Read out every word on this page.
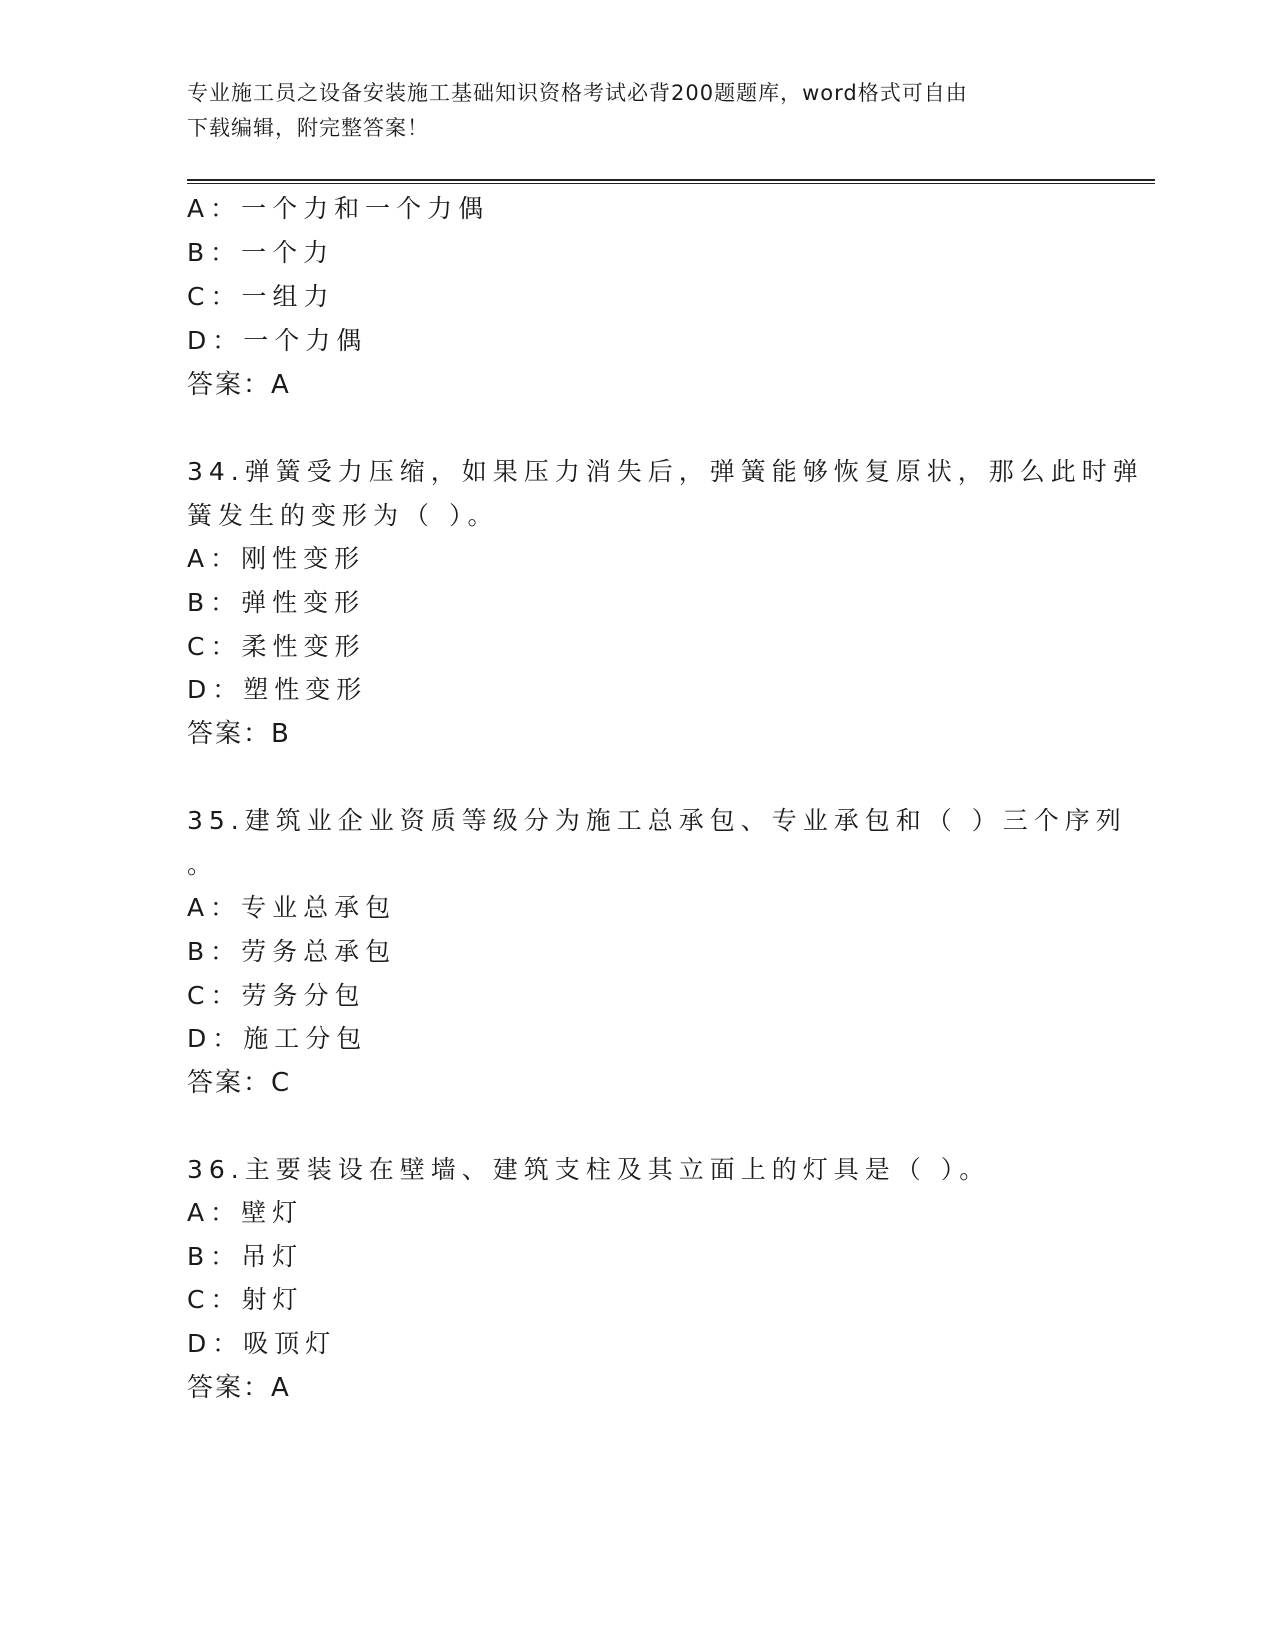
专业施工员之设备安装施工基础知识资格考试必背200题题库，word格式可自由
下载编辑，附完整答案！
A：一个力和一个力偶
B：一个力
C：一组力
D：一个力偶
答案：A
34.弹簧受力压缩，如果压力消失后，弹簧能够恢复原状，那么此时弹
簧发生的变形为（ ）。
A：刚性变形
B：弹性变形
C：柔性变形
D：塑性变形
答案：B
35.建筑业企业资质等级分为施工总承包、专业承包和（ ）三个序列
。
A：专业总承包
B：劳务总承包
C：劳务分包
D：施工分包
答案：C
36.主要装设在壁墙、建筑支柱及其立面上的灯具是（ ）。
A：壁灯
B：吊灯
C：射灯
D：吸顶灯
答案：A
